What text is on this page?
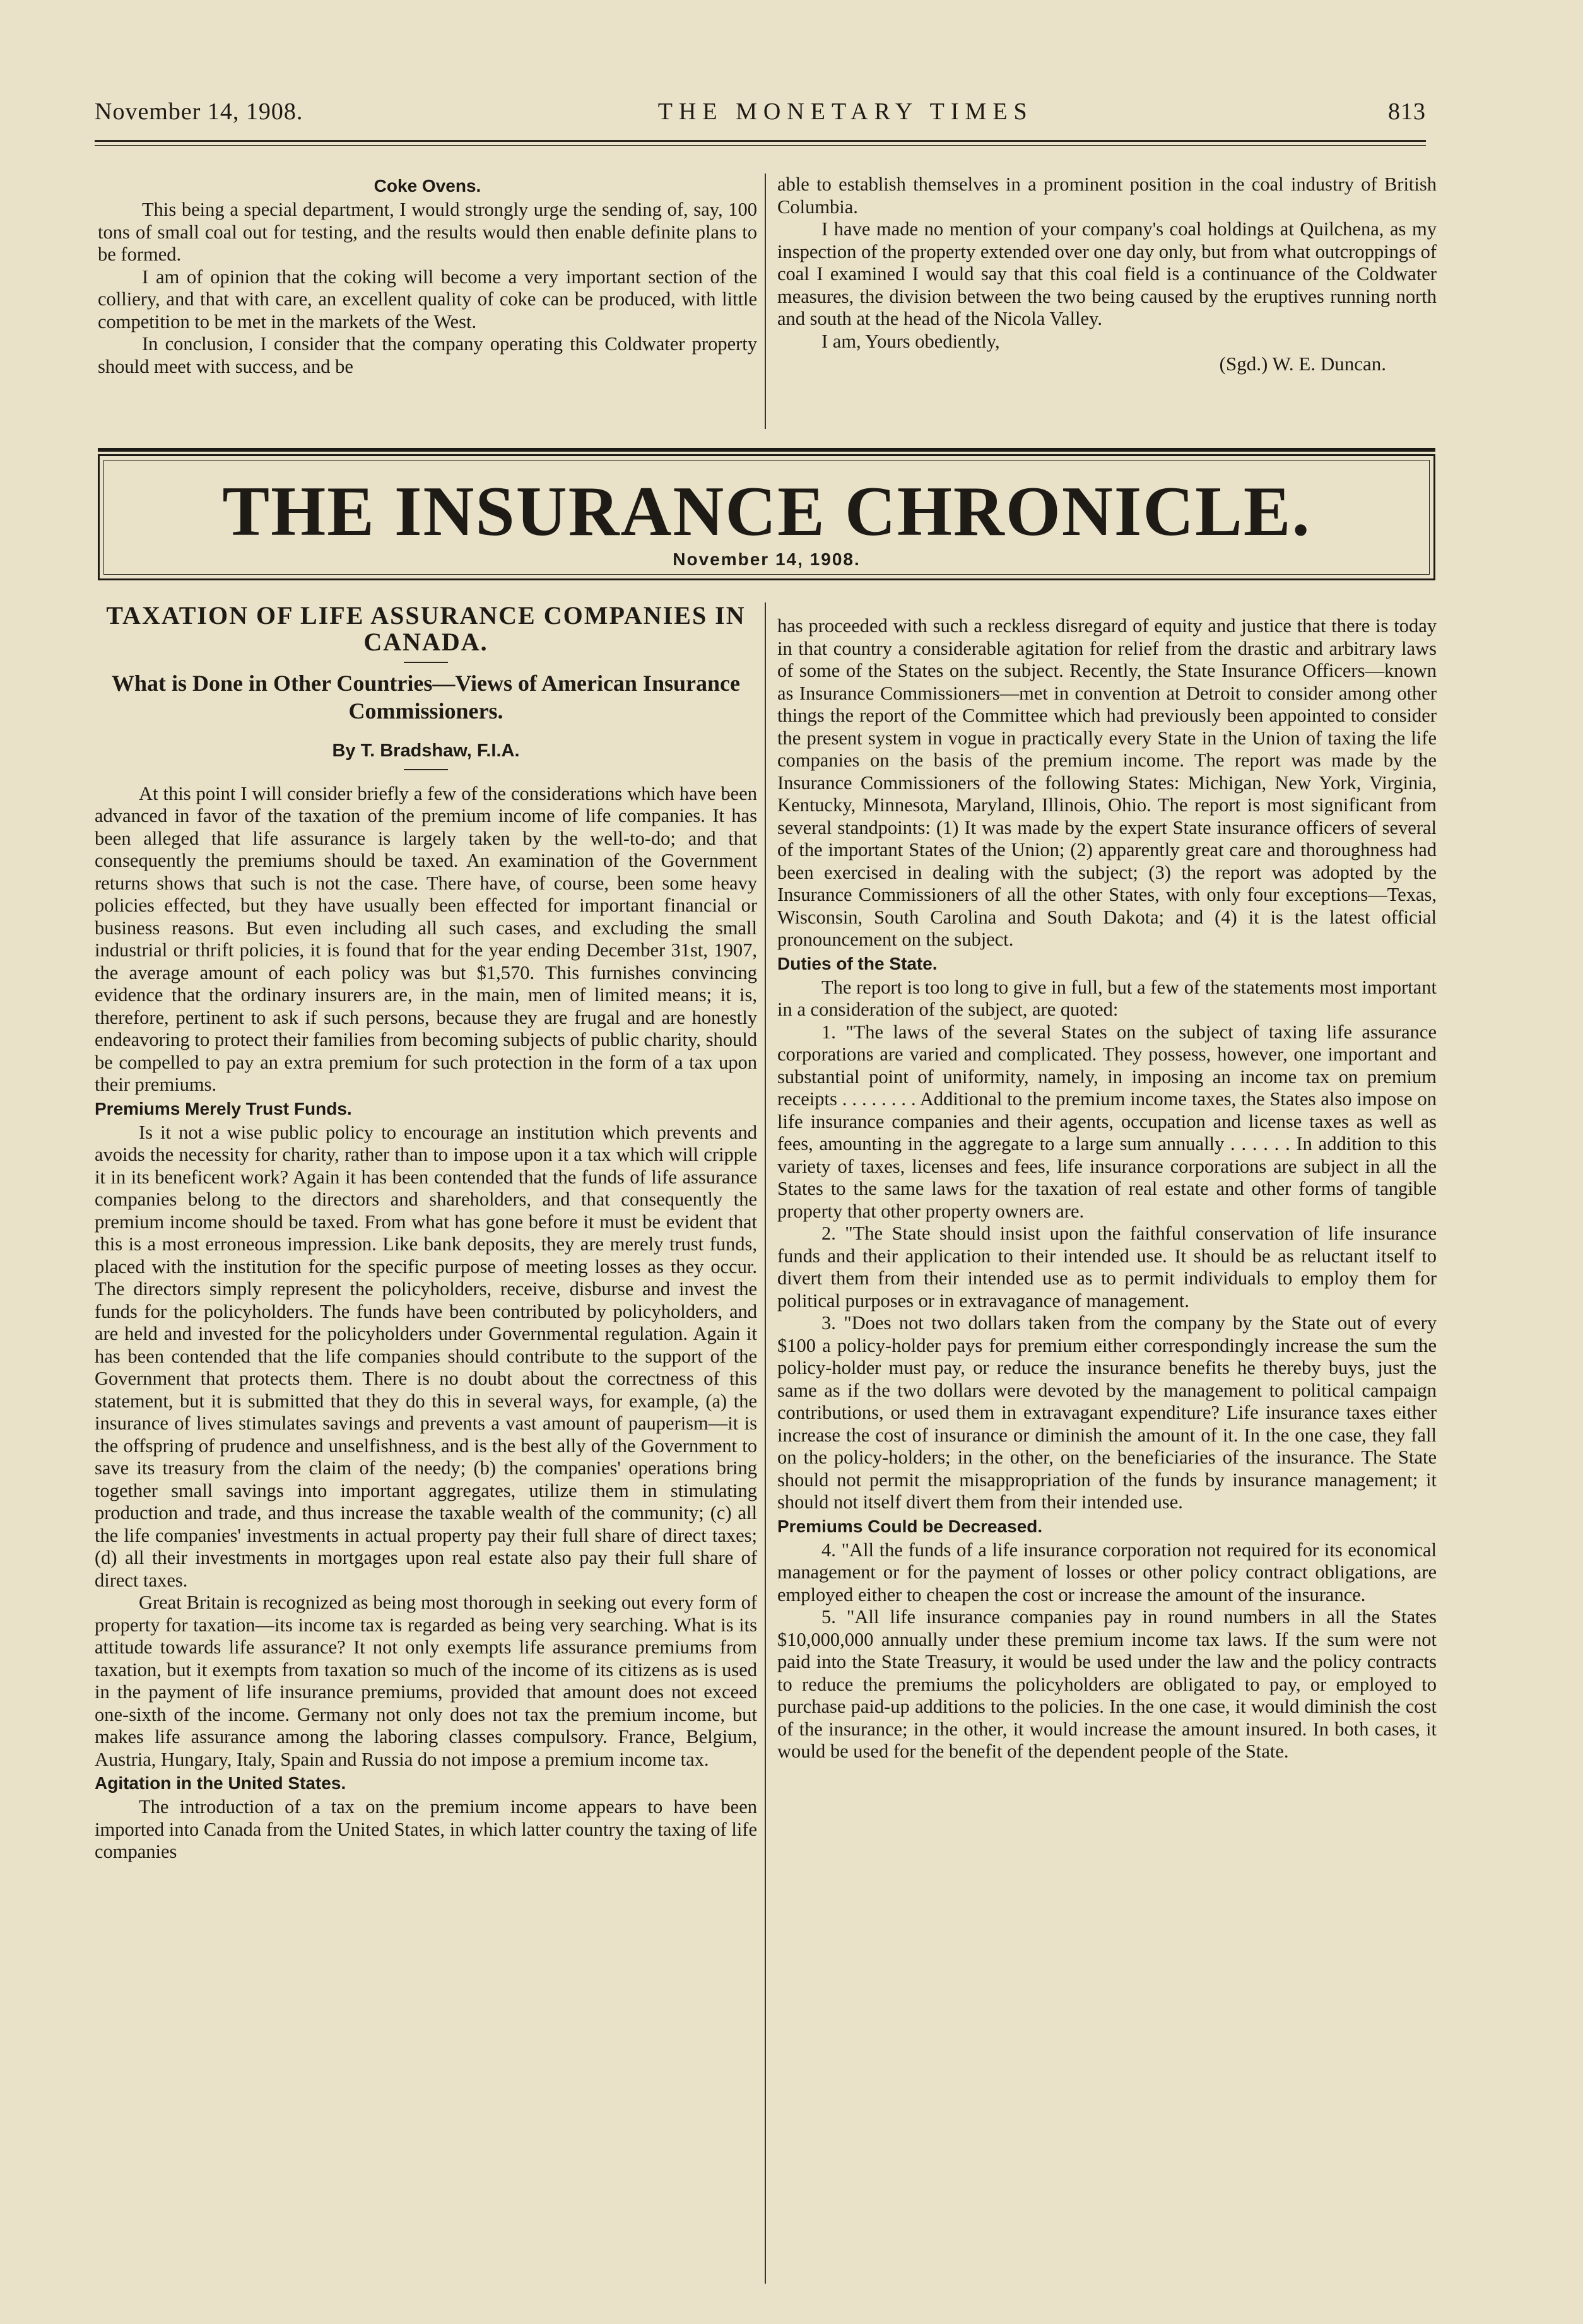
November 14, 1908.	THE MONETARY TIMES	813
Coke Ovens.

This being a special department, I would strongly urge the sending of, say, 100 tons of small coal out for testing, and the results would then enable definite plans to be formed.

I am of opinion that the coking will become a very important section of the colliery, and that with care, an excellent quality of coke can be produced, with little competition to be met in the markets of the West.

In conclusion, I consider that the company operating this Coldwater property should meet with success, and be

able to establish themselves in a prominent position in the coal industry of British Columbia.

I have made no mention of your company's coal holdings at Quilchena, as my inspection of the property extended over one day only, but from what outcroppings of coal I examined I would say that this coal field is a continuance of the Coldwater measures, the division between the two being caused by the eruptives running north and south at the head of the Nicola Valley.

I am, Yours obediently,

(Sgd.) W. E. Duncan.
THE INSURANCE CHRONICLE.
November 14, 1908.
TAXATION OF LIFE ASSURANCE COMPANIES IN CANADA.
What is Done in Other Countries—Views of American Insurance Commissioners.
By T. Bradshaw, F.I.A.

At this point I will consider briefly a few of the considerations which have been advanced in favor of the taxation of the premium income of life companies. It has been alleged that life assurance is largely taken by the well-to-do; and that consequently the premiums should be taxed. An examination of the Government returns shows that such is not the case. There have, of course, been some heavy policies effected, but they have usually been effected for important financial or business reasons. But even including all such cases, and excluding the small industrial or thrift policies, it is found that for the year ending December 31st, 1907, the average amount of each policy was but $1,570. This furnishes convincing evidence that the ordinary insurers are, in the main, men of limited means; it is, therefore, pertinent to ask if such persons, because they are frugal and are honestly endeavoring to protect their families from becoming subjects of public charity, should be compelled to pay an extra premium for such protection in the form of a tax upon their premiums.

Premiums Merely Trust Funds.

Is it not a wise public policy to encourage an institution which prevents and avoids the necessity for charity, rather than to impose upon it a tax which will cripple it in its beneficent work? Again it has been contended that the funds of life assurance companies belong to the directors and shareholders, and that consequently the premium income should be taxed. From what has gone before it must be evident that this is a most erroneous impression. Like bank deposits, they are merely trust funds, placed with the institution for the specific purpose of meeting losses as they occur. The directors simply represent the policyholders, receive, disburse and invest the funds for the policyholders. The funds have been contributed by policyholders, and are held and invested for the policyholders under Governmental regulation. Again it has been contended that the life companies should contribute to the support of the Government that protects them. There is no doubt about the correctness of this statement, but it is submitted that they do this in several ways, for example, (a) the insurance of lives stimulates savings and prevents a vast amount of pauperism—it is the offspring of prudence and unselfishness, and is the best ally of the Government to save its treasury from the claim of the needy; (b) the companies' operations bring together small savings into important aggregates, utilize them in stimulating production and trade, and thus increase the taxable wealth of the community; (c) all the life companies' investments in actual property pay their full share of direct taxes; (d) all their investments in mortgages upon real estate also pay their full share of direct taxes.

Great Britain is recognized as being most thorough in seeking out every form of property for taxation—its income tax is regarded as being very searching. What is its attitude towards life assurance? It not only exempts life assurance premiums from taxation, but it exempts from taxation so much of the income of its citizens as is used in the payment of life insurance premiums, provided that amount does not exceed one-sixth of the income. Germany not only does not tax the premium income, but makes life assurance among the laboring classes compulsory. France, Belgium, Austria, Hungary, Italy, Spain and Russia do not impose a premium income tax.

Agitation in the United States.

The introduction of a tax on the premium income appears to have been imported into Canada from the United States, in which latter country the taxing of life companies

has proceeded with such a reckless disregard of equity and justice that there is today in that country a considerable agitation for relief from the drastic and arbitrary laws of some of the States on the subject. Recently, the State Insurance Officers—known as Insurance Commissioners—met in convention at Detroit to consider among other things the report of the Committee which had previously been appointed to consider the present system in vogue in practically every State in the Union of taxing the life companies on the basis of the premium income. The report was made by the Insurance Commissioners of the following States: Michigan, New York, Virginia, Kentucky, Minnesota, Maryland, Illinois, Ohio. The report is most significant from several standpoints: (1) It was made by the expert State insurance officers of several of the important States of the Union; (2) apparently great care and thoroughness had been exercised in dealing with the subject; (3) the report was adopted by the Insurance Commissioners of all the other States, with only four exceptions—Texas, Wisconsin, South Carolina and South Dakota; and (4) it is the latest official pronouncement on the subject.

Duties of the State.

The report is too long to give in full, but a few of the statements most important in a consideration of the subject, are quoted:

1. "The laws of the several States on the subject of taxing life assurance corporations are varied and complicated. They possess, however, one important and substantial point of uniformity, namely, in imposing an income tax on premium receipts . . . . . . . . Additional to the premium income taxes, the States also impose on life insurance companies and their agents, occupation and license taxes as well as fees, amounting in the aggregate to a large sum annually . . . . . . In addition to this variety of taxes, licenses and fees, life insurance corporations are subject in all the States to the same laws for the taxation of real estate and other forms of tangible property that other property owners are.

2. "The State should insist upon the faithful conservation of life insurance funds and their application to their intended use. It should be as reluctant itself to divert them from their intended use as to permit individuals to employ them for political purposes or in extravagance of management.

3. "Does not two dollars taken from the company by the State out of every $100 a policy-holder pays for premium either correspondingly increase the sum the policy-holder must pay, or reduce the insurance benefits he thereby buys, just the same as if the two dollars were devoted by the management to political campaign contributions, or used them in extravagant expenditure? Life insurance taxes either increase the cost of insurance or diminish the amount of it. In the one case, they fall on the policy-holders; in the other, on the beneficiaries of the insurance. The State should not permit the misappropriation of the funds by insurance management; it should not itself divert them from their intended use.

Premiums Could be Decreased.

4. "All the funds of a life insurance corporation not required for its economical management or for the payment of losses or other policy contract obligations, are employed either to cheapen the cost or increase the amount of the insurance.

5. "All life insurance companies pay in round numbers in all the States $10,000,000 annually under these premium income tax laws. If the sum were not paid into the State Treasury, it would be used under the law and the policy contracts to reduce the premiums the policyholders are obligated to pay, or employed to purchase paid-up additions to the policies. In the one case, it would diminish the cost of the insurance; in the other, it would increase the amount insured. In both cases, it would be used for the benefit of the dependent people of the State.
